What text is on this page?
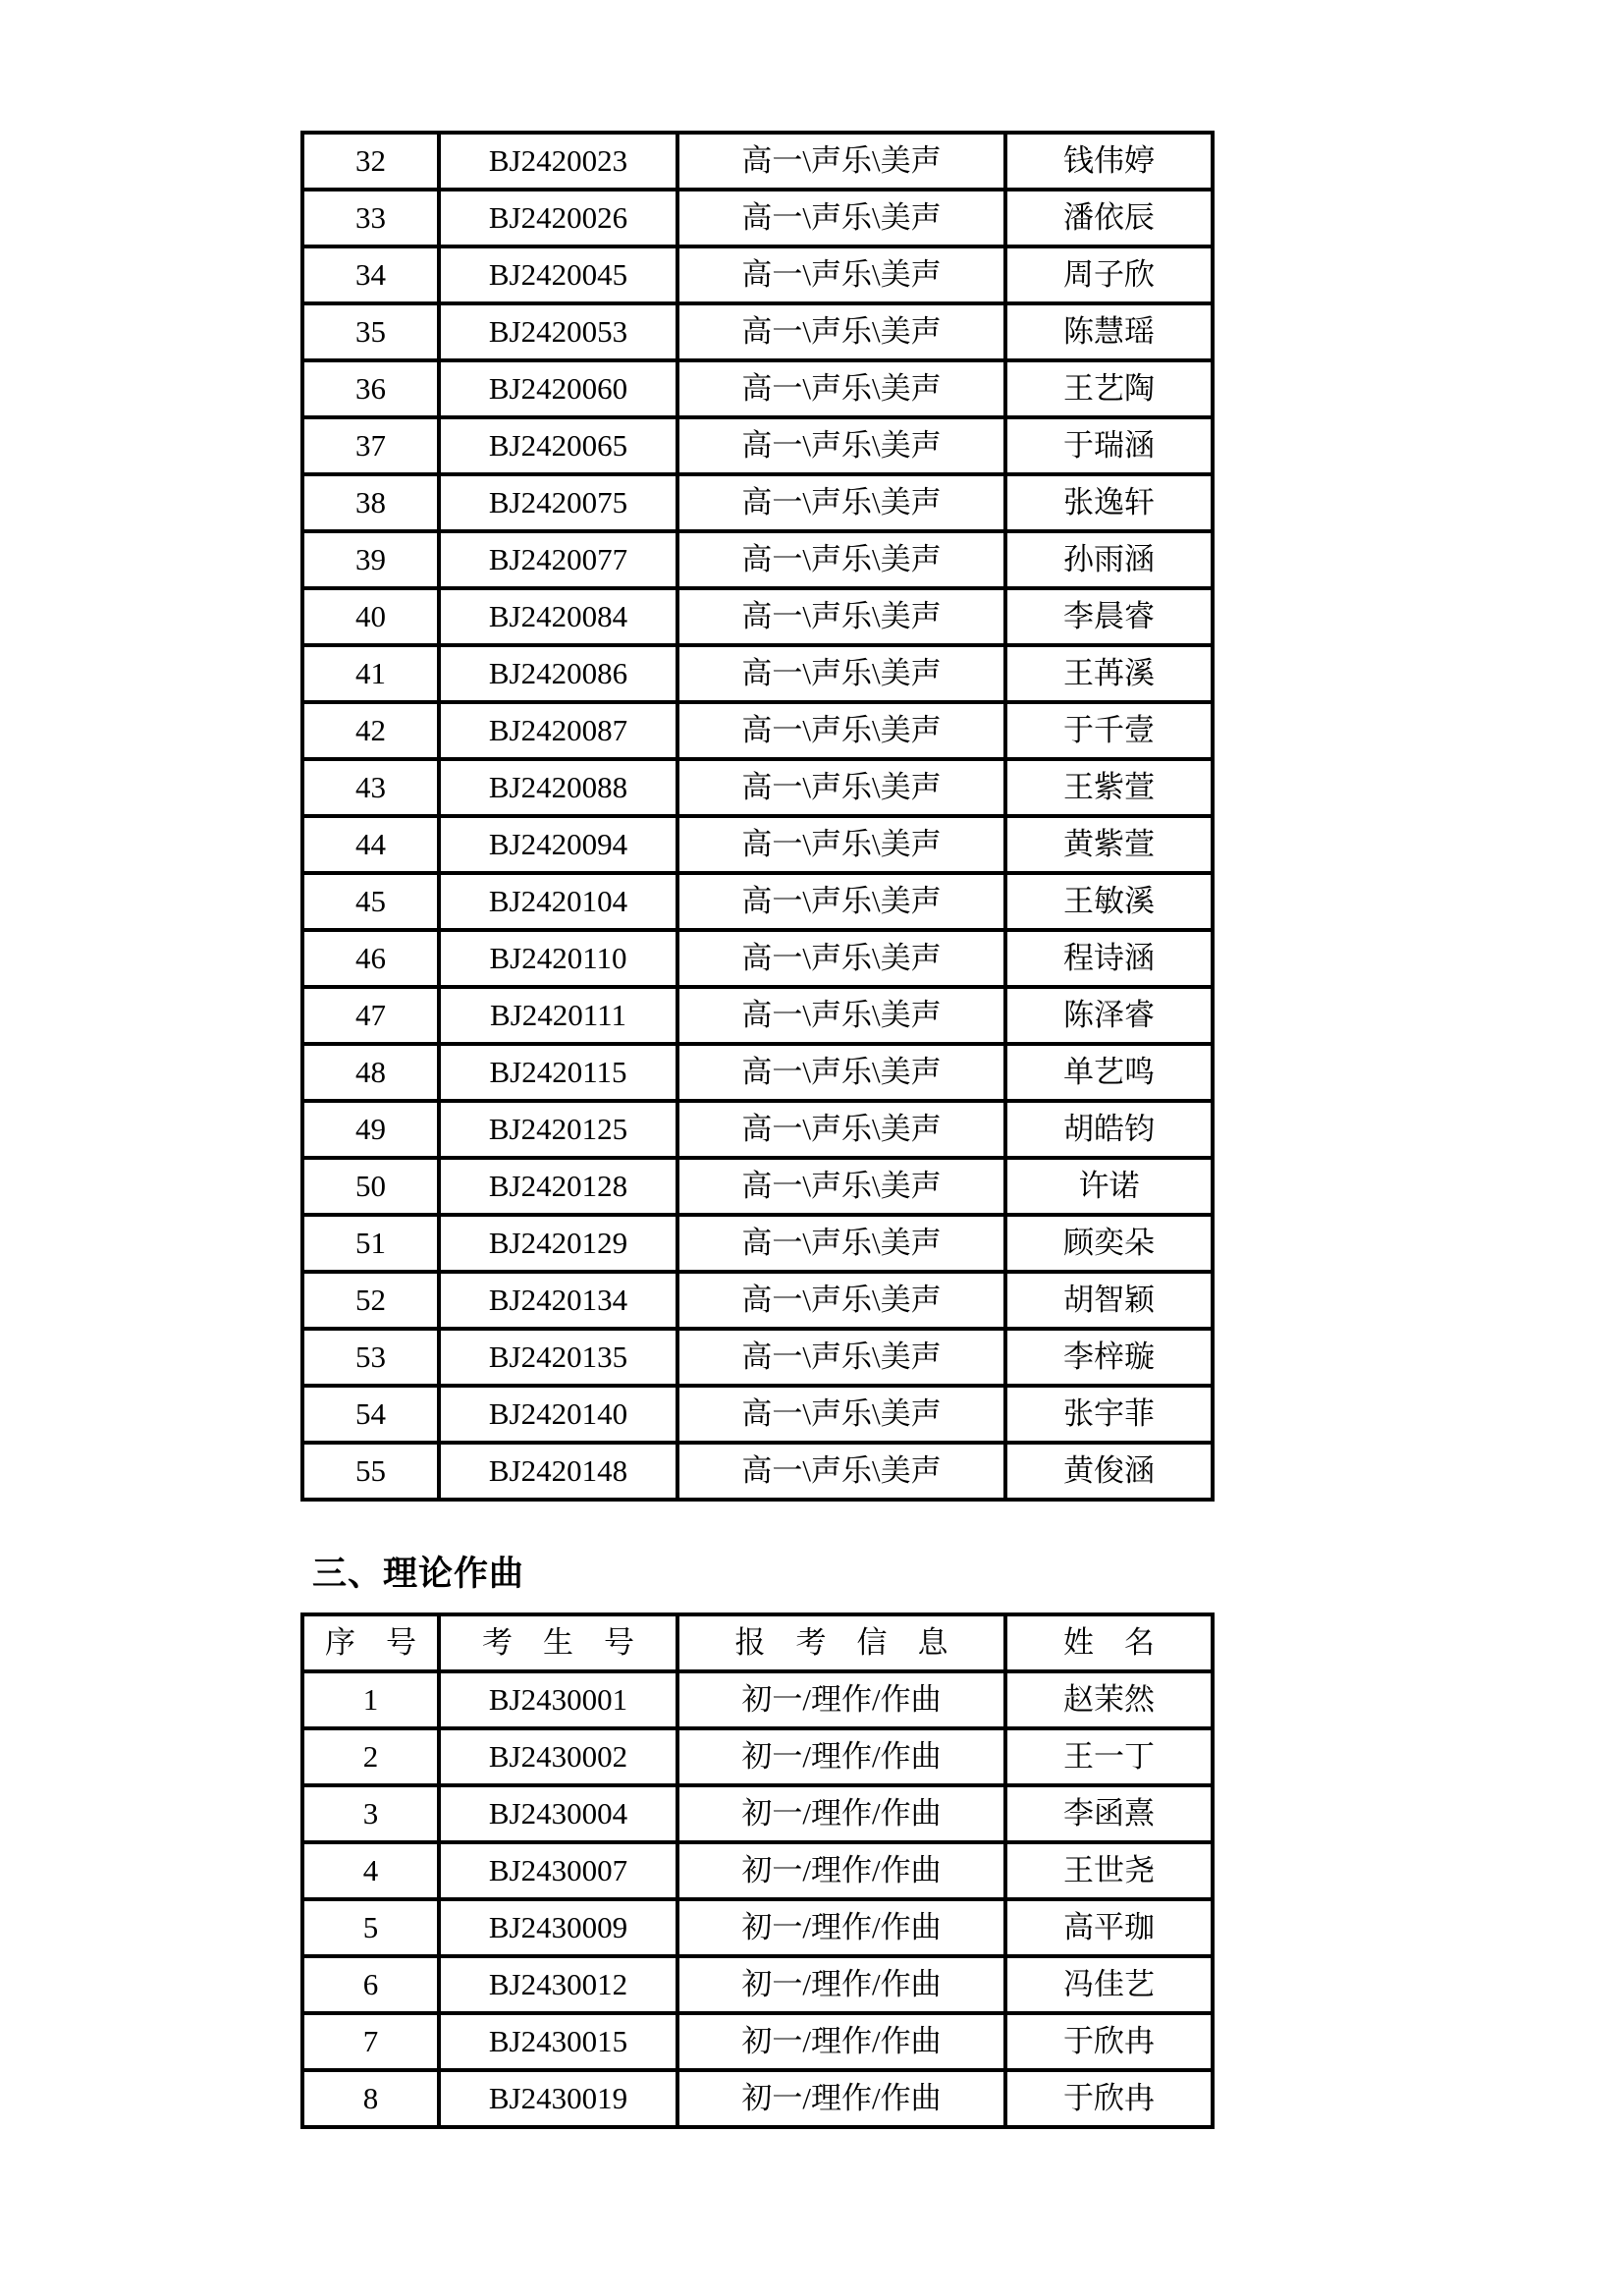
32	BJ2420023	高一\声乐\美声	钱伟婷
33	BJ2420026	高一\声乐\美声	潘依辰
34	BJ2420045	高一\声乐\美声	周子欣
35	BJ2420053	高一\声乐\美声	陈慧瑶
36	BJ2420060	高一\声乐\美声	王艺陶
37	BJ2420065	高一\声乐\美声	于瑞涵
38	BJ2420075	高一\声乐\美声	张逸轩
39	BJ2420077	高一\声乐\美声	孙雨涵
40	BJ2420084	高一\声乐\美声	李晨睿
41	BJ2420086	高一\声乐\美声	王苒溪
42	BJ2420087	高一\声乐\美声	于千壹
43	BJ2420088	高一\声乐\美声	王紫萱
44	BJ2420094	高一\声乐\美声	黄紫萱
45	BJ2420104	高一\声乐\美声	王敏溪
46	BJ2420110	高一\声乐\美声	程诗涵
47	BJ2420111	高一\声乐\美声	陈泽睿
48	BJ2420115	高一\声乐\美声	单艺鸣
49	BJ2420125	高一\声乐\美声	胡皓钧
50	BJ2420128	高一\声乐\美声	许诺
51	BJ2420129	高一\声乐\美声	顾奕朵
52	BJ2420134	高一\声乐\美声	胡智颖
53	BJ2420135	高一\声乐\美声	李梓璇
54	BJ2420140	高一\声乐\美声	张宇菲
55	BJ2420148	高一\声乐\美声	黄俊涵
三、理论作曲
序　号	考　生　号	报　考　信　息	姓　名
1	BJ2430001	初一/理作/作曲	赵茉然
2	BJ2430002	初一/理作/作曲	王一丁
3	BJ2430004	初一/理作/作曲	李函熹
4	BJ2430007	初一/理作/作曲	王世尧
5	BJ2430009	初一/理作/作曲	高平珈
6	BJ2430012	初一/理作/作曲	冯佳艺
7	BJ2430015	初一/理作/作曲	于欣冉
8	BJ2430019	初一/理作/作曲	于欣冉
